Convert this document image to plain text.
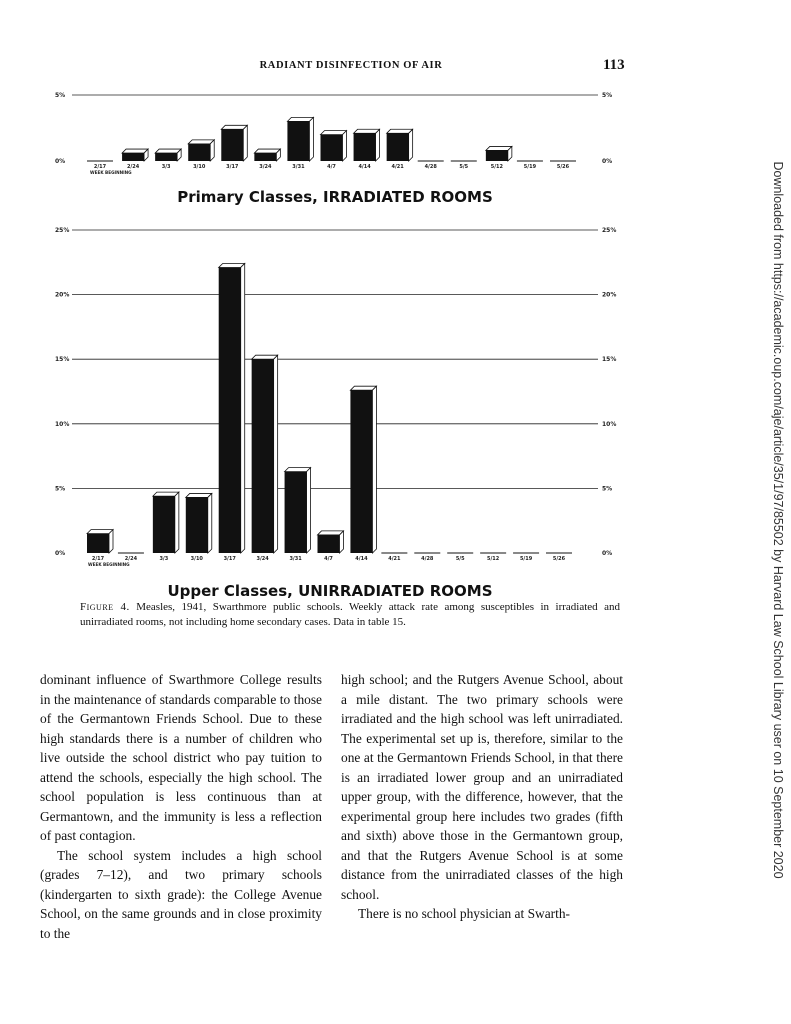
RADIANT DISINFECTION OF AIR	113
Downloaded from https://academic.oup.com/aje/article/35/1/97/85502 by Harvard Law School Library user on 10 September 2020
0%	0%
5%	5%
2/17	2/24	3/3	3/10	3/17	3/24	3/31	4/7	4/14	4/21	4/28	5/5	5/12	5/19	5/26
WEEK BEGINNING
Primary Classes, IRRADIATED ROOMS
0%	0%
5%	5%
10%	10%
15%	15%
20%	20%
25%	25%
2/17	2/24	3/3	3/10	3/17	3/24	3/31	4/7	4/14	4/21	4/28	5/5	5/12	5/19	5/26
WEEK BEGINNING
Upper Classes, UNIRRADIATED ROOMS
Figure 4. Measles, 1941, Swarthmore public schools. Weekly attack rate among susceptibles in irradiated and unirradiated rooms, not including home secondary cases. Data in table 15.

dominant influence of Swarthmore College results in the maintenance of standards comparable to those of the Germantown Friends School. Due to these high standards there is a number of children who live outside the school district who pay tuition to attend the schools, especially the high school. The school population is less continuous than at Germantown, and the immunity is less a reflection of past contagion.

The school system includes a high school (grades 7–12), and two primary schools (kindergarten to sixth grade): the College Avenue School, on the same grounds and in close proximity to the

high school; and the Rutgers Avenue School, about a mile distant. The two primary schools were irradiated and the high school was left unirradiated. The experimental set up is, therefore, similar to the one at the Germantown Friends School, in that there is an irradiated lower group and an unirradiated upper group, with the difference, however, that the experimental group here includes two grades (fifth and sixth) above those in the Germantown group, and that the Rutgers Avenue School is at some distance from the unirradiated classes of the high school.

There is no school physician at Swarth-
